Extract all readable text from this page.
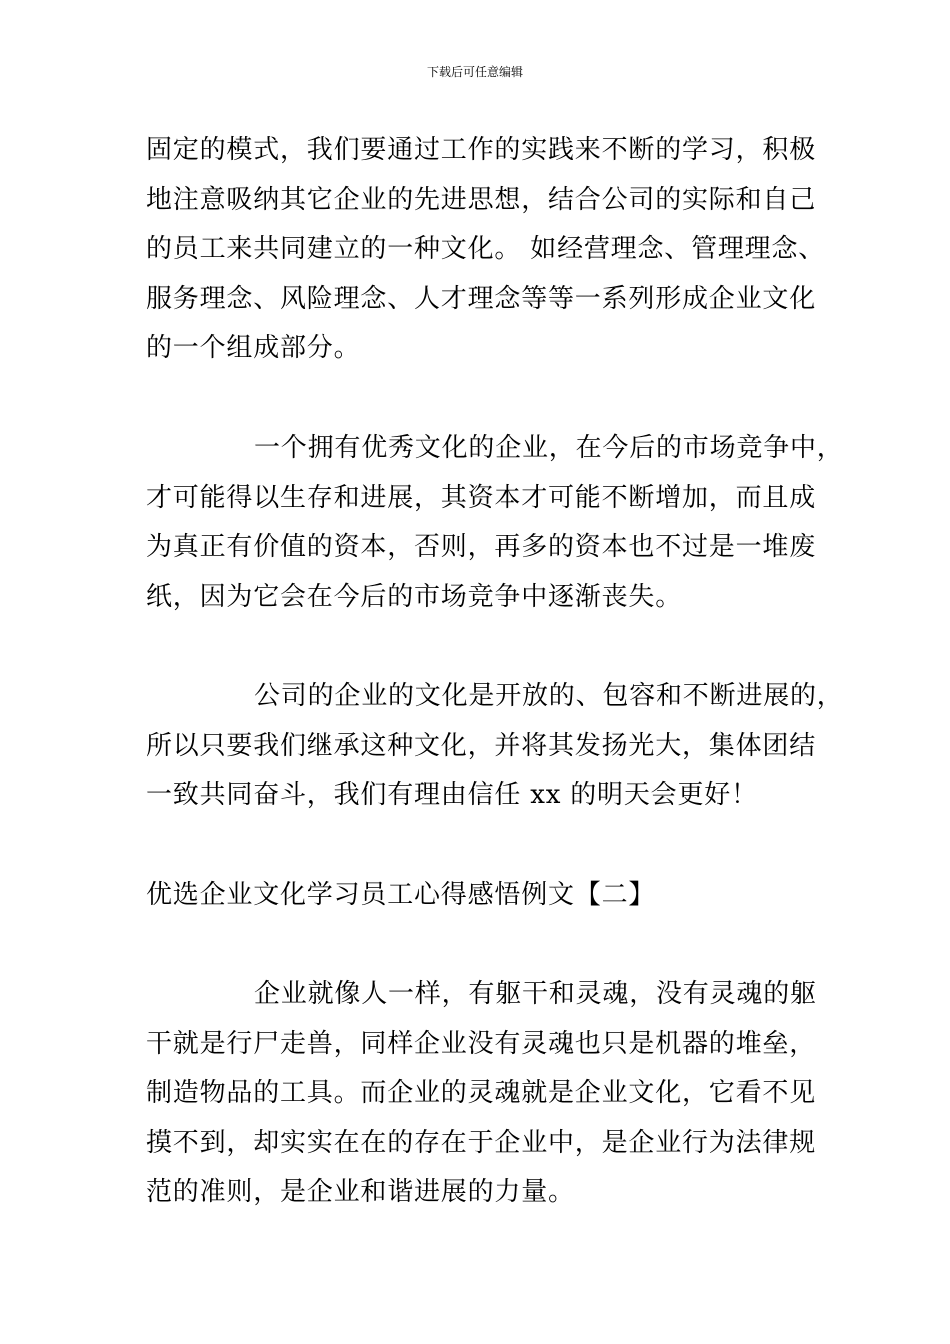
下载后可任意编辑
固定的模式，我们要通过工作的实践来不断的学习，积极
地注意吸纳其它企业的先进思想，结合公司的实际和自己
的员工来共同建立的一种文化。 如经营理念、管理理念、
服务理念、风险理念、人才理念等等一系列形成企业文化
的一个组成部分。
一个拥有优秀文化的企业，在今后的市场竞争中，
才可能得以生存和进展，其资本才可能不断增加，而且成
为真正有价值的资本，否则，再多的资本也不过是一堆废
纸，因为它会在今后的市场竞争中逐渐丧失。
公司的企业的文化是开放的、包容和不断进展的，
所以只要我们继承这种文化，并将其发扬光大，集体团结
一致共同奋斗，我们有理由信任 xx 的明天会更好！
优选企业文化学习员工心得感悟例文【二】
企业就像人一样，有躯干和灵魂，没有灵魂的躯
干就是行尸走兽，同样企业没有灵魂也只是机器的堆垒，
制造物品的工具。而企业的灵魂就是企业文化，它看不见
摸不到，却实实在在的存在于企业中，是企业行为法律规
范的准则，是企业和谐进展的力量。
